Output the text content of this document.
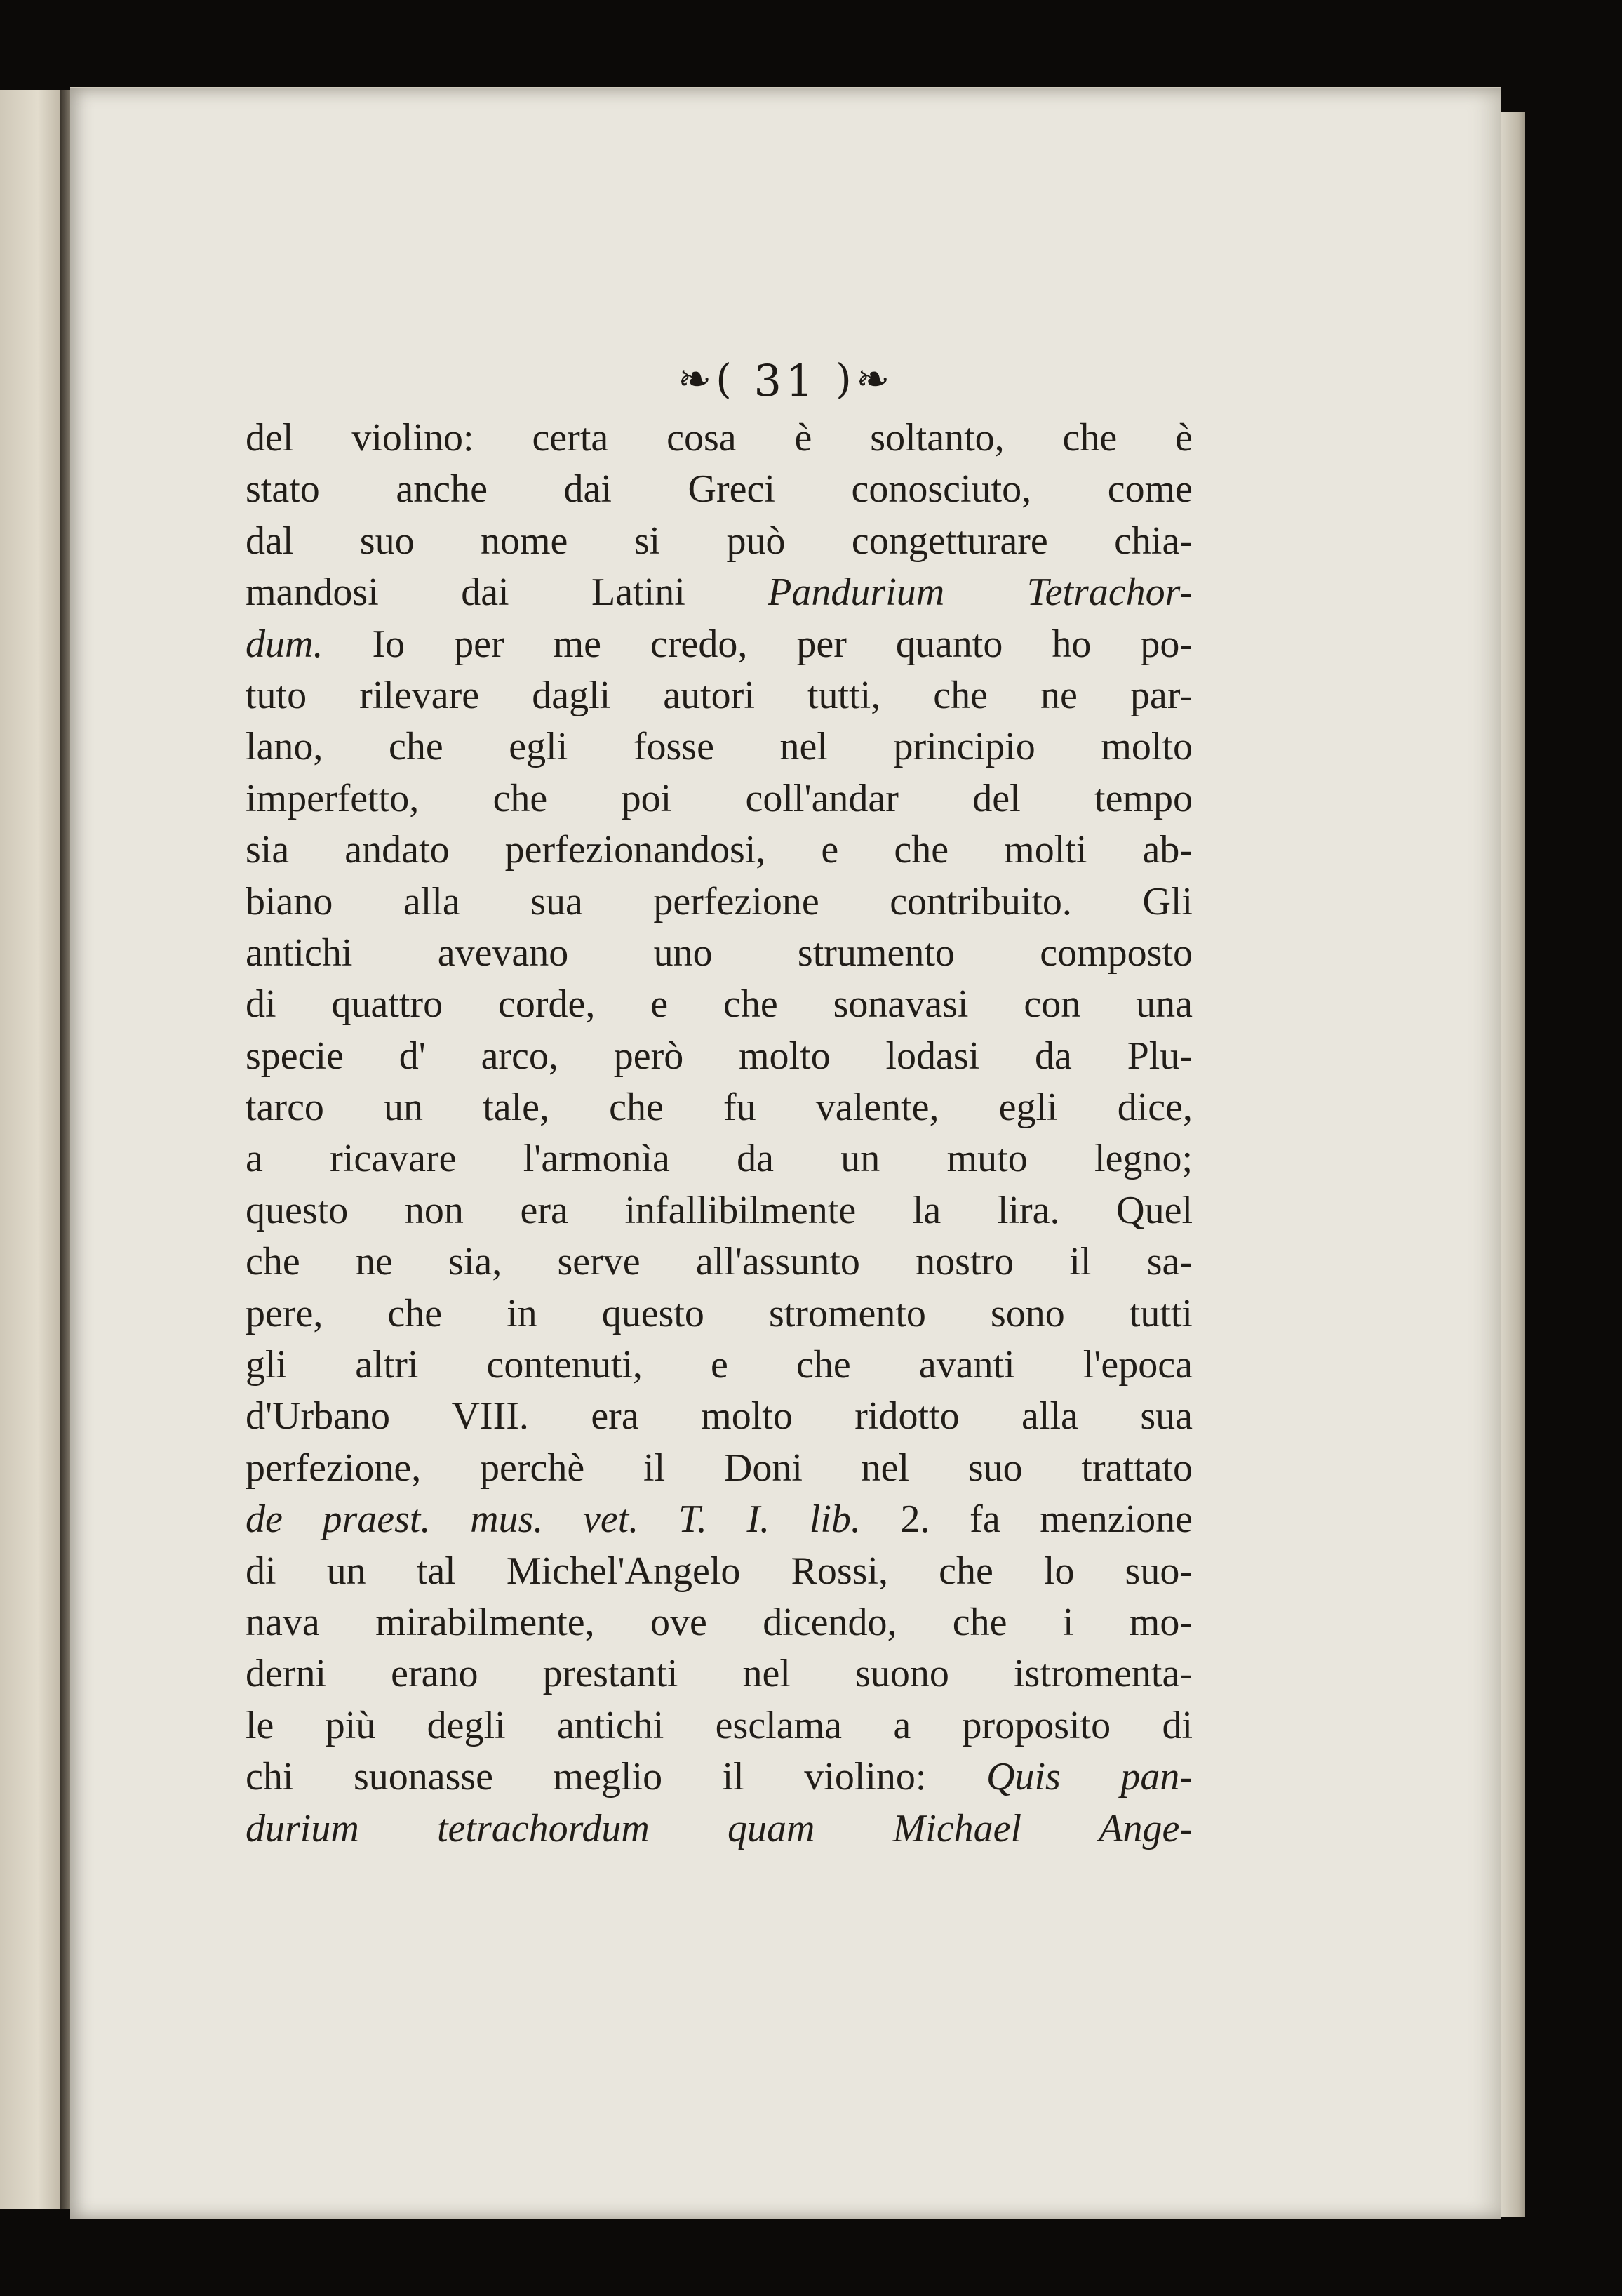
❧( 31 )❧
del violino: certa cosa è soltanto, che è
stato anche dai Greci conosciuto, come
dal suo nome si può congetturare chia-
mandosi dai Latini Pandurium Tetrachor-
dum. Io per me credo, per quanto ho po-
tuto rilevare dagli autori tutti, che ne par-
lano, che egli fosse nel principio molto
imperfetto, che poi coll'andar del tempo
sia andato perfezionandosi, e che molti ab-
biano alla sua perfezione contribuito. Gli
antichi avevano uno strumento composto
di quattro corde, e che sonavasi con una
specie d' arco, però molto lodasi da Plu-
tarco un tale, che fu valente, egli dice,
a ricavare l'armonìa da un muto legno;
questo non era infallibilmente la lira. Quel
che ne sia, serve all'assunto nostro il sa-
pere, che in questo stromento sono tutti
gli altri contenuti, e che avanti l'epoca
d'Urbano VIII. era molto ridotto alla sua
perfezione, perchè il Doni nel suo trattato
de praest. mus. vet. T. I. lib. 2. fa menzione
di un tal Michel'Angelo Rossi, che lo suo-
nava mirabilmente, ove dicendo, che i mo-
derni erano prestanti nel suono istromenta-
le più degli antichi esclama a proposito di
chi suonasse meglio il violino: Quis pan-
durium tetrachordum quam Michael Ange-
